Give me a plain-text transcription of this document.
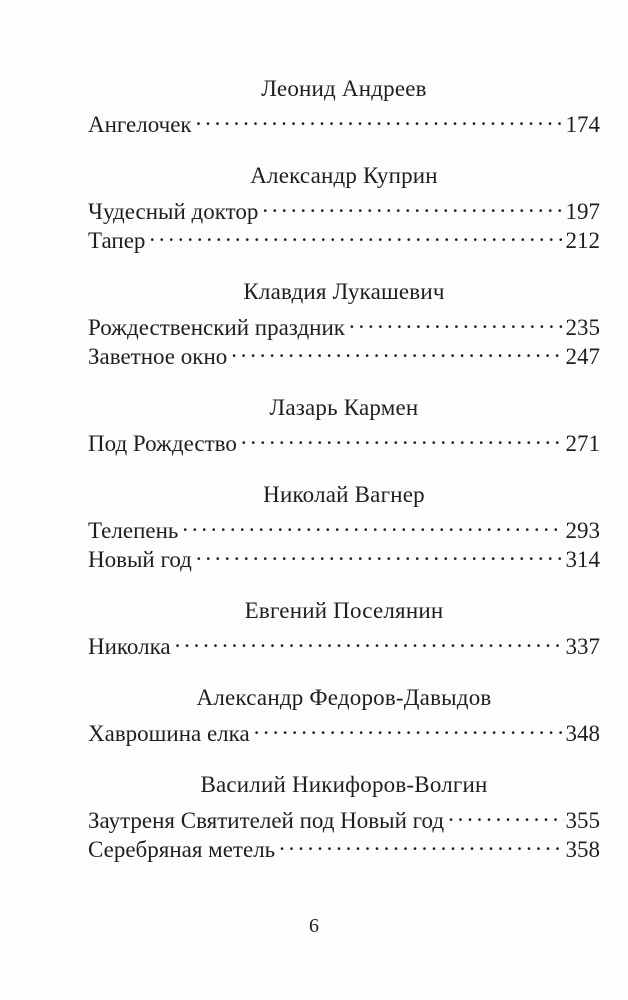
Леонид Андреев
Ангелочек . . .	174
Александр Куприн
Чудесный доктор . . .	197
Тапер . . .	212
Клавдия Лукашевич
Рождественский праздник . . .	235
Заветное окно . . .	247
Лазарь Кармен
Под Рождество . . .	271
Николай Вагнер
Телепень . . .	293
Новый год . . .	314
Евгений Поселянин
Николка . . .	337
Александр Федоров-Давыдов
Хаврошина елка . . .	348
Василий Никифоров-Волгин
Заутреня Святителей под Новый год . . .	355
Серебряная метель . . .	358
6
